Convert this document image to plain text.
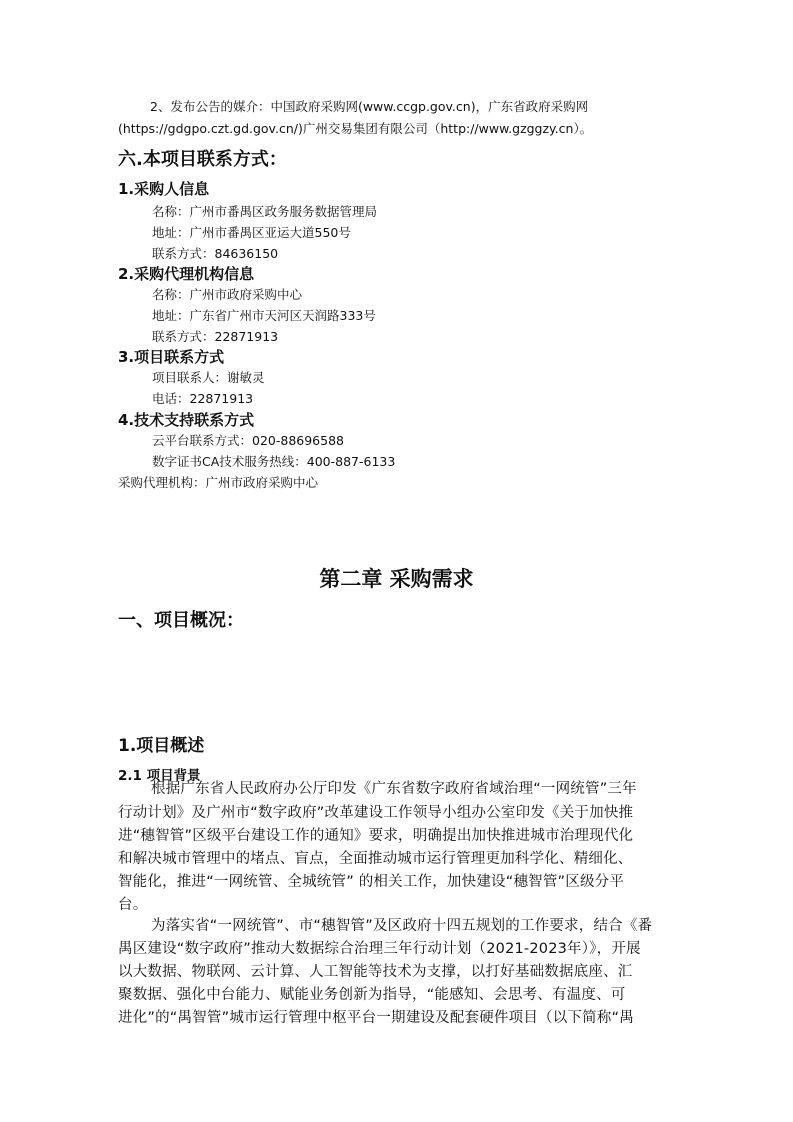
2、发布公告的媒介：中国政府采购网(www.ccgp.gov.cn)，广东省政府采购网
(https://gdgpo.czt.gd.gov.cn/)广州交易集团有限公司（http://www.gzggzy.cn）。
六.本项目联系方式：
1.采购人信息
名称：广州市番禺区政务服务数据管理局
地址：广州市番禺区亚运大道550号
联系方式：84636150
2.采购代理机构信息
名称：广州市政府采购中心
地址：广东省广州市天河区天润路333号
联系方式：22871913
3.项目联系方式
项目联系人：谢敏灵
电话：22871913
4.技术支持联系方式
云平台联系方式：020-88696588
数字证书CA技术服务热线：400-887-6133
采购代理机构：广州市政府采购中心
第二章 采购需求
一、项目概况：
1.项目概述
2.1 项目背景
根据广东省人民政府办公厅印发《广东省数字政府省域治理“一网统管”三年
行动计划》及广州市“数字政府”改革建设工作领导小组办公室印发《关于加快推
进“穗智管”区级平台建设工作的通知》要求，明确提出加快推进城市治理现代化
和解决城市管理中的堵点、盲点，全面推动城市运行管理更加科学化、精细化、
智能化，推进“一网统管、全城统管” 的相关工作，加快建设“穗智管”区级分平
台。
为落实省“一网统管”、市“穗智管”及区政府十四五规划的工作要求，结合《番
禺区建设“数字政府”推动大数据综合治理三年行动计划（2021-2023年）》，开展
以大数据、物联网、云计算、人工智能等技术为支撑，以打好基础数据底座、汇
聚数据、强化中台能力、赋能业务创新为指导，“能感知、会思考、有温度、可
进化”的“禺智管”城市运行管理中枢平台一期建设及配套硬件项目（以下简称“禺
